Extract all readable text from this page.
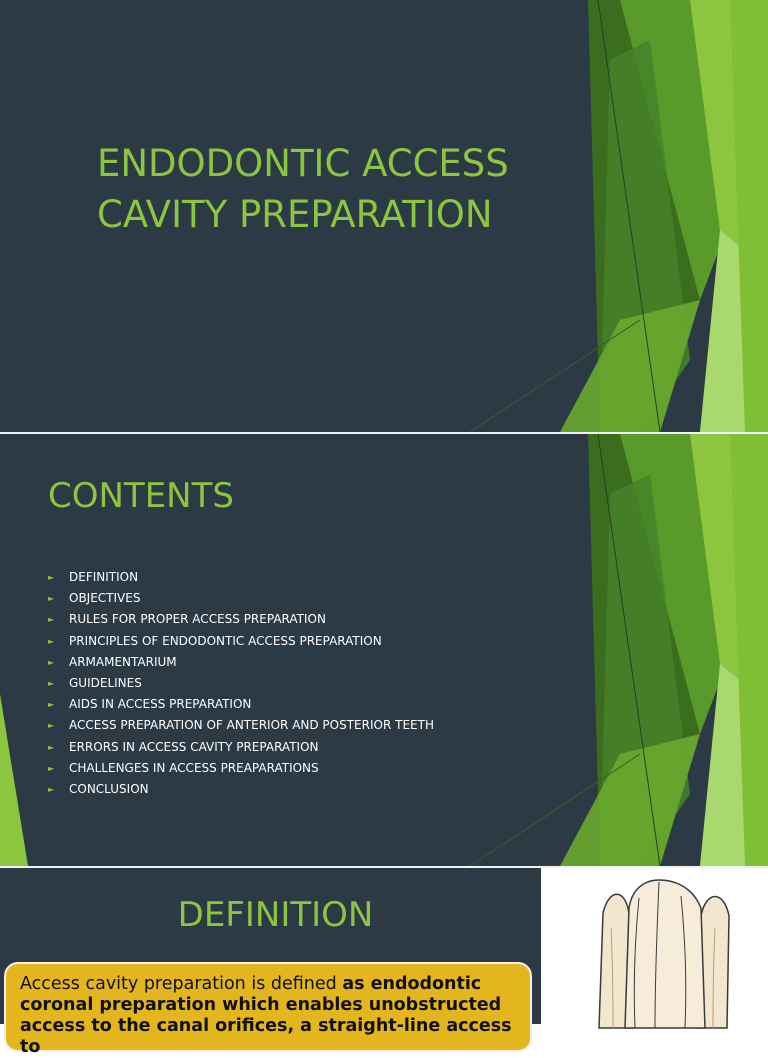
ENDODONTIC ACCESS
CAVITY PREPARATION
CONTENTS
►	DEFINITION
►	OBJECTIVES
►	RULES FOR PROPER ACCESS PREPARATION
►	PRINCIPLES OF ENDODONTIC ACCESS PREPARATION
►	ARMAMENTARIUM
►	GUIDELINES
►	AIDS IN ACCESS PREPARATION
►	ACCESS PREPARATION OF ANTERIOR AND POSTERIOR TEETH
►	ERRORS IN ACCESS CAVITY PREPARATION
►	CHALLENGES IN ACCESS PREAPARATIONS
►	CONCLUSION
DEFINITION
Access cavity preparation is defined as endodontic coronal preparation which enables unobstructed access to the canal orifices, a straight-line access to
